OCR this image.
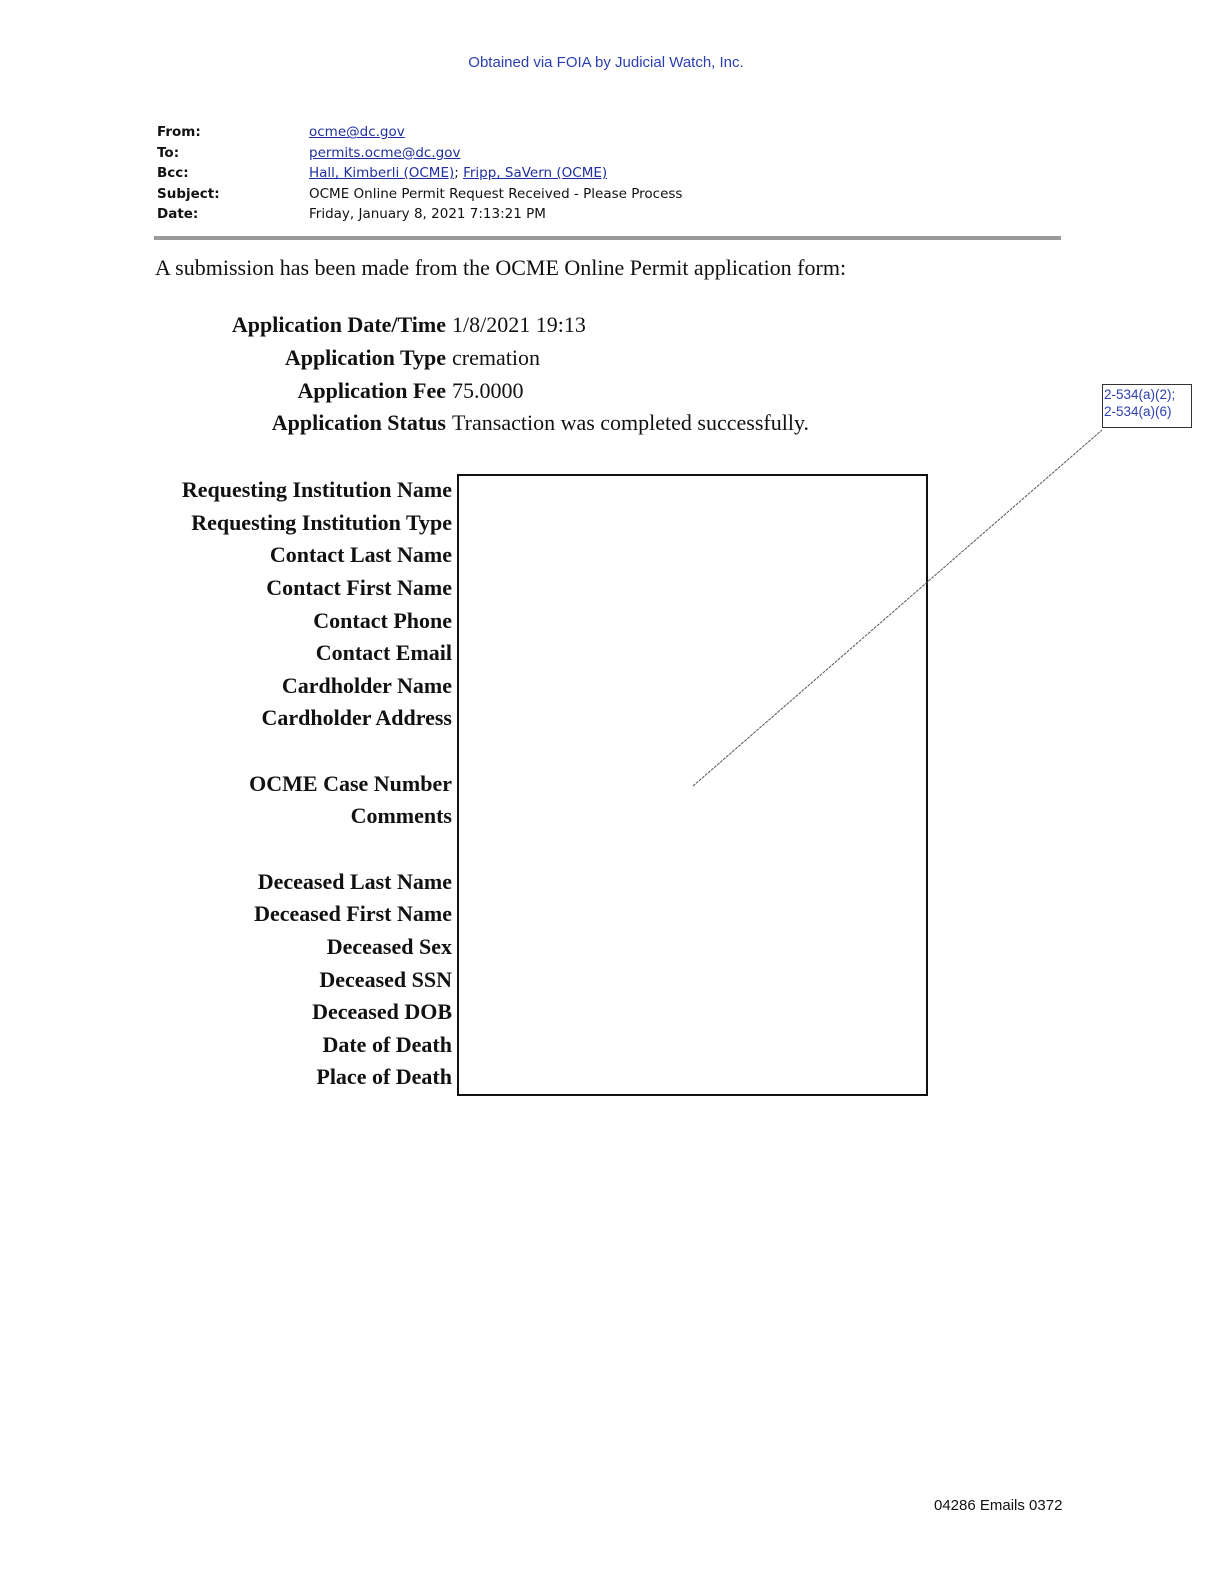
Obtained via FOIA by Judicial Watch, Inc.
From:	ocme@dc.gov
To:	permits.ocme@dc.gov
Bcc:	Hall, Kimberli (OCME); Fripp, SaVern (OCME)
Subject:	OCME Online Permit Request Received - Please Process
Date:	Friday, January 8, 2021 7:13:21 PM
A submission has been made from the OCME Online Permit application form:
Application Date/Time 1/8/2021 19:13
Application Type cremation
Application Fee 75.0000
Application Status Transaction was completed successfully.
Requesting Institution Name
Requesting Institution Type
Contact Last Name
Contact First Name
Contact Phone
Contact Email
Cardholder Name
Cardholder Address
OCME Case Number
Comments
Deceased Last Name
Deceased First Name
Deceased Sex
Deceased SSN
Deceased DOB
Date of Death
Place of Death
2-534(a)(2);
2-534(a)(6)
04286 Emails 0372
